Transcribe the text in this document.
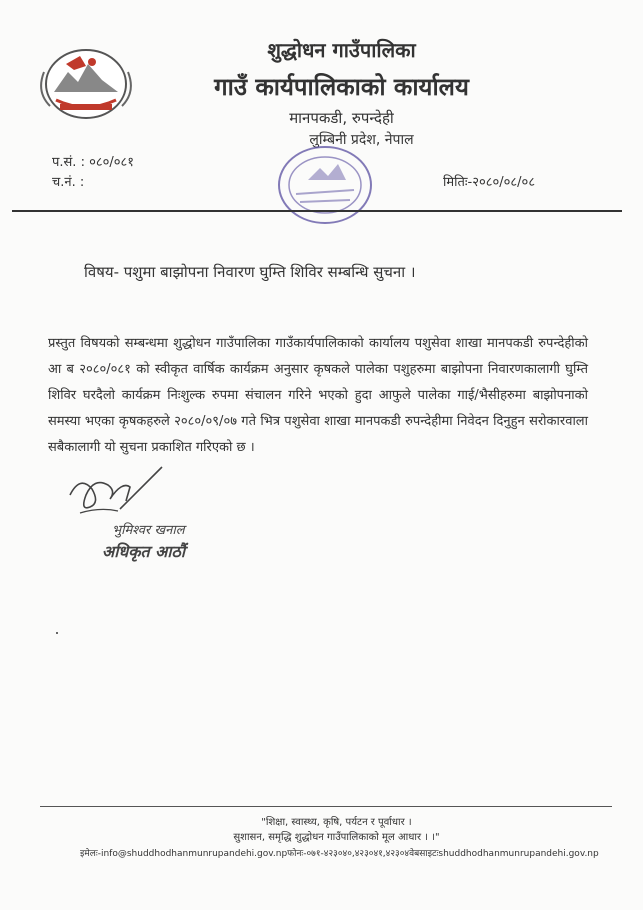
शुद्धोधन गाउँपालिका
गाउँ कार्यपालिकाको कार्यालय
मानपकडी, रुपन्देही
लुम्बिनी प्रदेश, नेपाल
प.सं. : ०८०/०८१
च.नं. :	मितिः-२०८०/०८/०८
विषय- पशुमा बाझोपना निवारण घुम्ति शिविर सम्बन्धि सुचना ।
प्रस्तुत विषयको सम्बन्धमा शुद्धोधन गाउँपालिका गाउँकार्यपालिकाको कार्यालय पशुसेवा शाखा मानपकडी रुपन्देहीको आ ब २०८०/०८१ को स्वीकृत वार्षिक कार्यक्रम अनुसार कृषकले पालेका पशुहरुमा बाझोपना निवारणकालागी घुम्ति शिविर घरदैलो कार्यक्रम निःशुल्क रुपमा संचालन गरिने भएको हुदा आफुले पालेका गाई/भैसीहरुमा बाझोपनाको समस्या भएका कृषकहरुले २०८०/०९/०७ गते भित्र पशुसेवा शाखा मानपकडी रुपन्देहीमा निवेदन दिनुहुन सरोकारवाला सबैकालागी यो सुचना प्रकाशित गरिएको छ ।
भुमिश्वर खनाल
अधिकृत आठौं
"शिक्षा, स्वास्थ्य, कृषि, पर्यटन र पूर्वाधार ।
सुशासन, समृद्धि शुद्धोधन गाउँपालिकाको मूल आधार । ।"
इमेलः-info@shuddhodhanmunrupandehi.gov.npफोनः-०७१-४२३०४०,४२३०४१,४२३०४वेबसाइटःshuddhodhanmunrupandehi.gov.np
